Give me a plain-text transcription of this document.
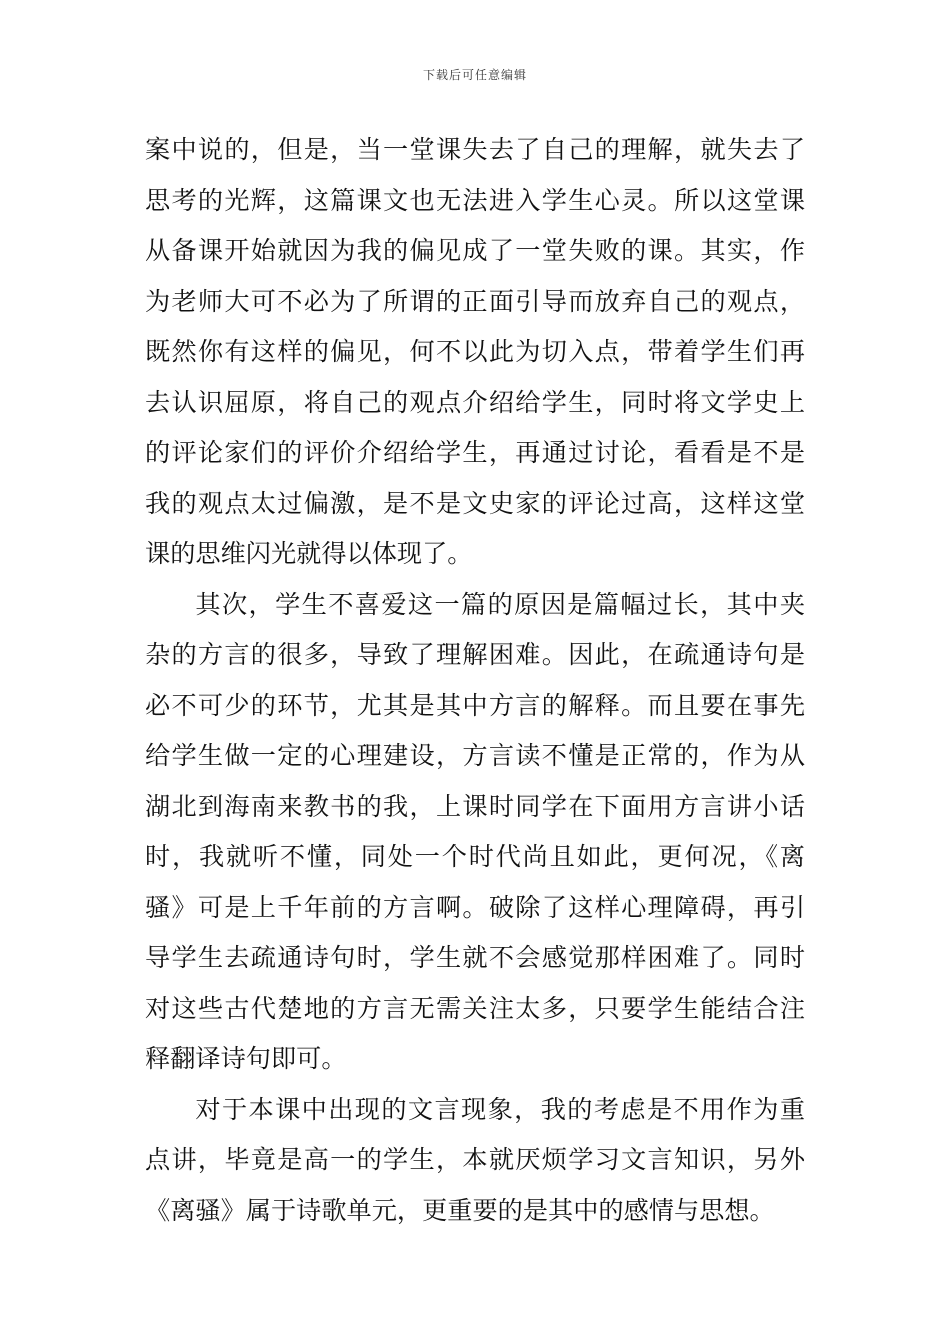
下载后可任意编辑
案中说的，但是，当一堂课失去了自己的理解，就失去了
思考的光辉，这篇课文也无法进入学生心灵。所以这堂课
从备课开始就因为我的偏见成了一堂失败的课。其实，作
为老师大可不必为了所谓的正面引导而放弃自己的观点，
既然你有这样的偏见，何不以此为切入点，带着学生们再
去认识屈原，将自己的观点介绍给学生，同时将文学史上
的评论家们的评价介绍给学生，再通过讨论，看看是不是
我的观点太过偏激，是不是文史家的评论过高，这样这堂
课的思维闪光就得以体现了。
其次，学生不喜爱这一篇的原因是篇幅过长，其中夹
杂的方言的很多，导致了理解困难。因此，在疏通诗句是
必不可少的环节，尤其是其中方言的解释。而且要在事先
给学生做一定的心理建设，方言读不懂是正常的，作为从
湖北到海南来教书的我，上课时同学在下面用方言讲小话
时，我就听不懂，同处一个时代尚且如此，更何况，《离
骚》可是上千年前的方言啊。破除了这样心理障碍，再引
导学生去疏通诗句时，学生就不会感觉那样困难了。同时
对这些古代楚地的方言无需关注太多，只要学生能结合注
释翻译诗句即可。
对于本课中出现的文言现象，我的考虑是不用作为重
点讲，毕竟是高一的学生，本就厌烦学习文言知识，另外
《离骚》属于诗歌单元，更重要的是其中的感情与思想。
